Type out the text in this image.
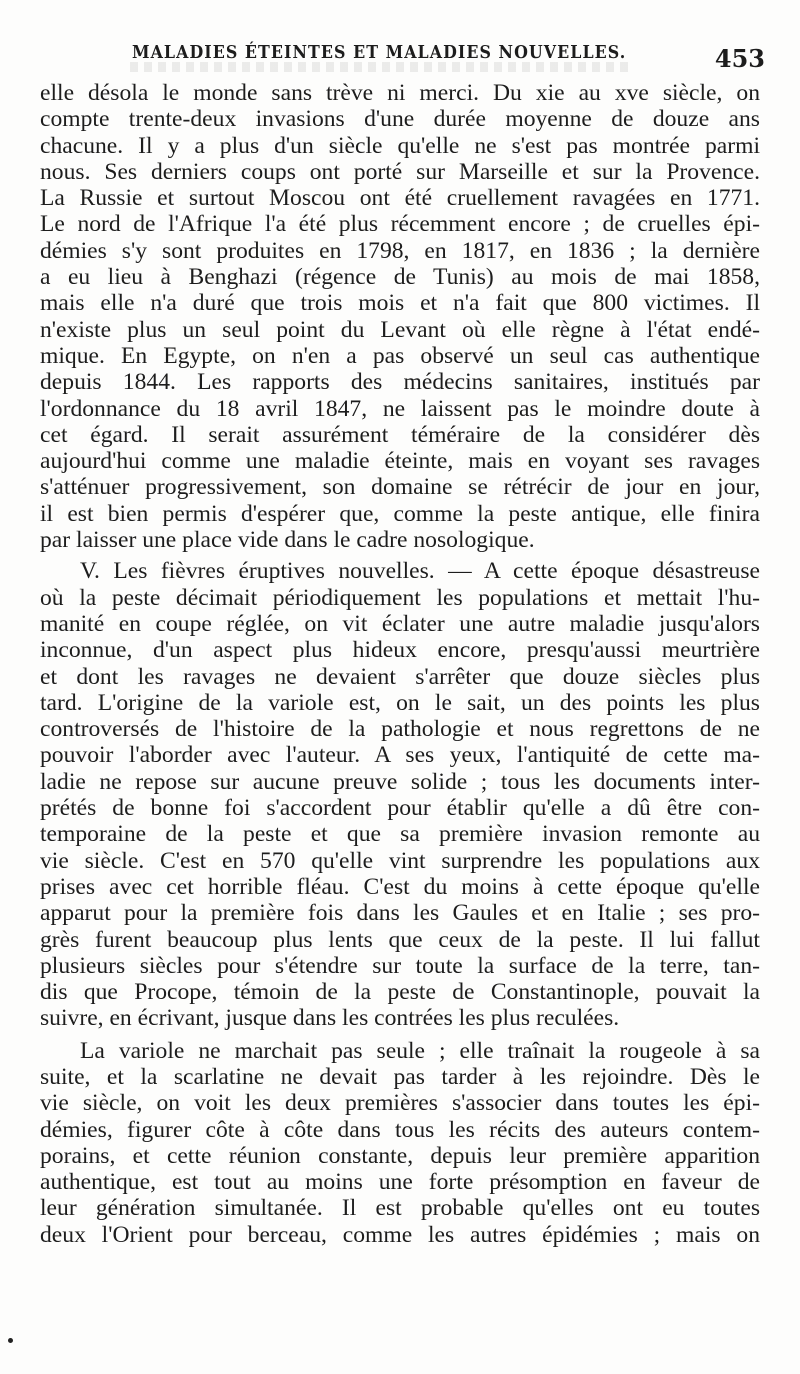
MALADIES ÉTEINTES ET MALADIES NOUVELLES.	453
elle désola le monde sans trève ni merci. Du xie au xve siècle, on
compte trente-deux invasions d'une durée moyenne de douze ans
chacune. Il y a plus d'un siècle qu'elle ne s'est pas montrée parmi
nous. Ses derniers coups ont porté sur Marseille et sur la Provence.
La Russie et surtout Moscou ont été cruellement ravagées en 1771.
Le nord de l'Afrique l'a été plus récemment encore ; de cruelles épi-
démies s'y sont produites en 1798, en 1817, en 1836 ; la dernière
a eu lieu à Benghazi (régence de Tunis) au mois de mai 1858,
mais elle n'a duré que trois mois et n'a fait que 800 victimes. Il
n'existe plus un seul point du Levant où elle règne à l'état endé-
mique. En Egypte, on n'en a pas observé un seul cas authentique
depuis 1844. Les rapports des médecins sanitaires, institués par
l'ordonnance du 18 avril 1847, ne laissent pas le moindre doute à
cet égard. Il serait assurément téméraire de la considérer dès
aujourd'hui comme une maladie éteinte, mais en voyant ses ravages
s'atténuer progressivement, son domaine se rétrécir de jour en jour,
il est bien permis d'espérer que, comme la peste antique, elle finira
par laisser une place vide dans le cadre nosologique.
V. Les fièvres éruptives nouvelles. — A cette époque désastreuse
où la peste décimait périodiquement les populations et mettait l'hu-
manité en coupe réglée, on vit éclater une autre maladie jusqu'alors
inconnue, d'un aspect plus hideux encore, presqu'aussi meurtrière
et dont les ravages ne devaient s'arrêter que douze siècles plus
tard. L'origine de la variole est, on le sait, un des points les plus
controversés de l'histoire de la pathologie et nous regrettons de ne
pouvoir l'aborder avec l'auteur. A ses yeux, l'antiquité de cette ma-
ladie ne repose sur aucune preuve solide ; tous les documents inter-
prétés de bonne foi s'accordent pour établir qu'elle a dû être con-
temporaine de la peste et que sa première invasion remonte au
vie siècle. C'est en 570 qu'elle vint surprendre les populations aux
prises avec cet horrible fléau. C'est du moins à cette époque qu'elle
apparut pour la première fois dans les Gaules et en Italie ; ses pro-
grès furent beaucoup plus lents que ceux de la peste. Il lui fallut
plusieurs siècles pour s'étendre sur toute la surface de la terre, tan-
dis que Procope, témoin de la peste de Constantinople, pouvait la
suivre, en écrivant, jusque dans les contrées les plus reculées.
La variole ne marchait pas seule ; elle traînait la rougeole à sa
suite, et la scarlatine ne devait pas tarder à les rejoindre. Dès le
vie siècle, on voit les deux premières s'associer dans toutes les épi-
démies, figurer côte à côte dans tous les récits des auteurs contem-
porains, et cette réunion constante, depuis leur première apparition
authentique, est tout au moins une forte présomption en faveur de
leur génération simultanée. Il est probable qu'elles ont eu toutes
deux l'Orient pour berceau, comme les autres épidémies ; mais on
